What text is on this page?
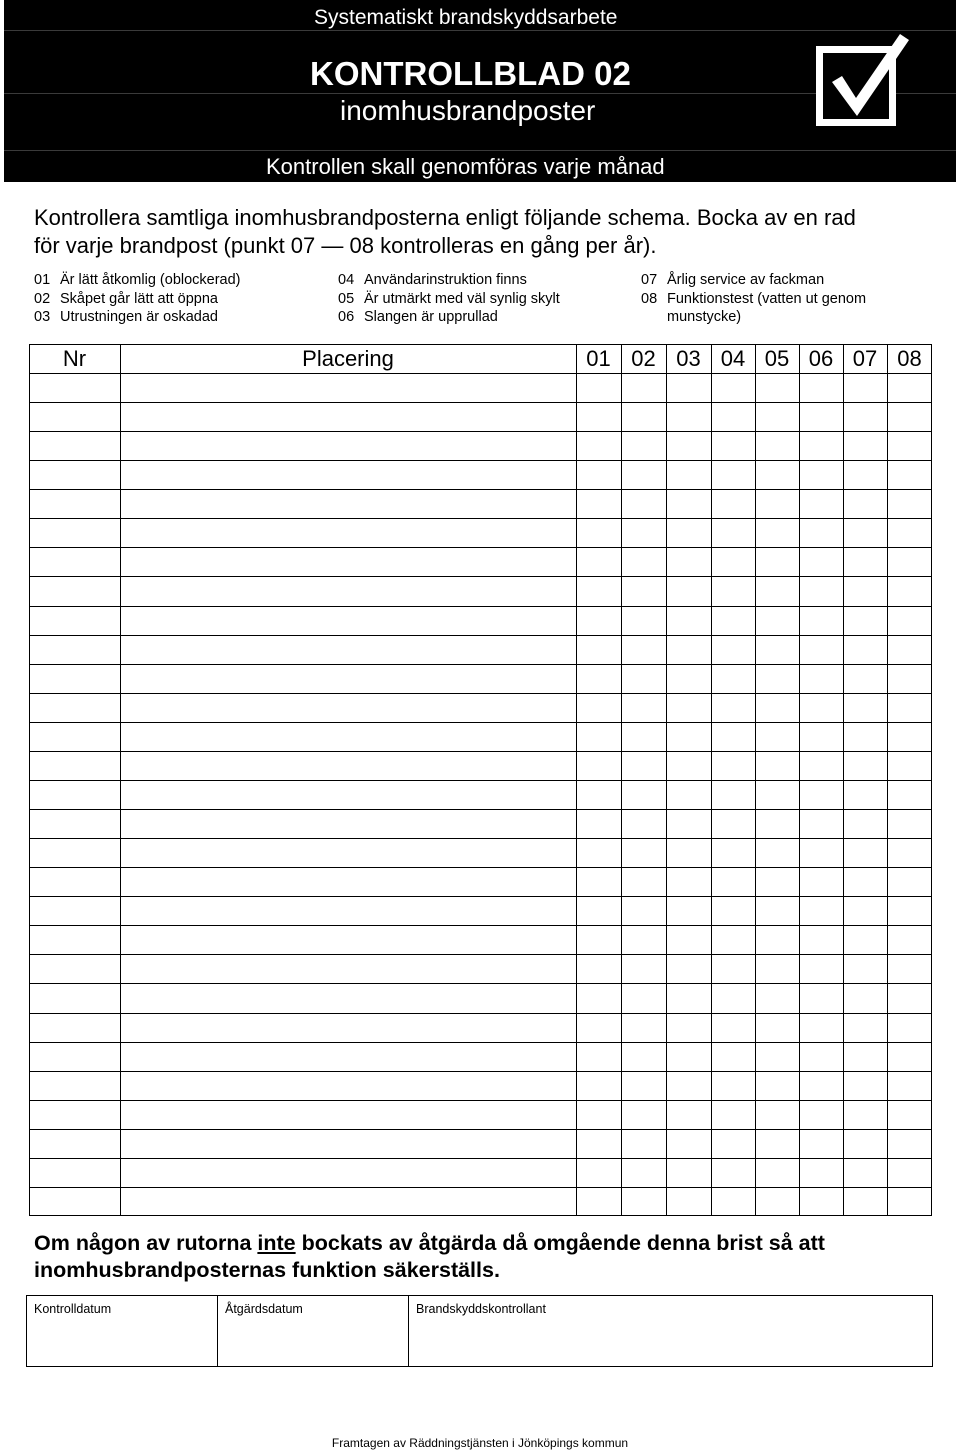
Systematiskt brandskyddsarbete
KONTROLLBLAD 02
inomhusbrandposter
Kontrollen skall genomföras varje månad
Kontrollera samtliga inomhusbrandposterna enligt följande schema. Bocka av en rad
för varje brandpost (punkt 07 — 08 kontrolleras en gång per år).
01 Är lätt åtkomlig (oblockerad)
02 Skåpet går lätt att öppna
03 Utrustningen är oskadad
04 Användarinstruktion finns
05 Är utmärkt med väl synlig skylt
06 Slangen är upprullad
07 Årlig service av fackman
08 Funktionstest (vatten ut genom
munstycke)
Nr	Placering	01 02 03 04 05 06 07 08
Om någon av rutorna inte bockats av åtgärda då omgående denna brist så att
inomhusbrandposternas funktion säkerställs.
Kontrolldatum	Åtgärdsdatum	Brandskyddskontrollant
Framtagen av Räddningstjänsten i Jönköpings kommun
